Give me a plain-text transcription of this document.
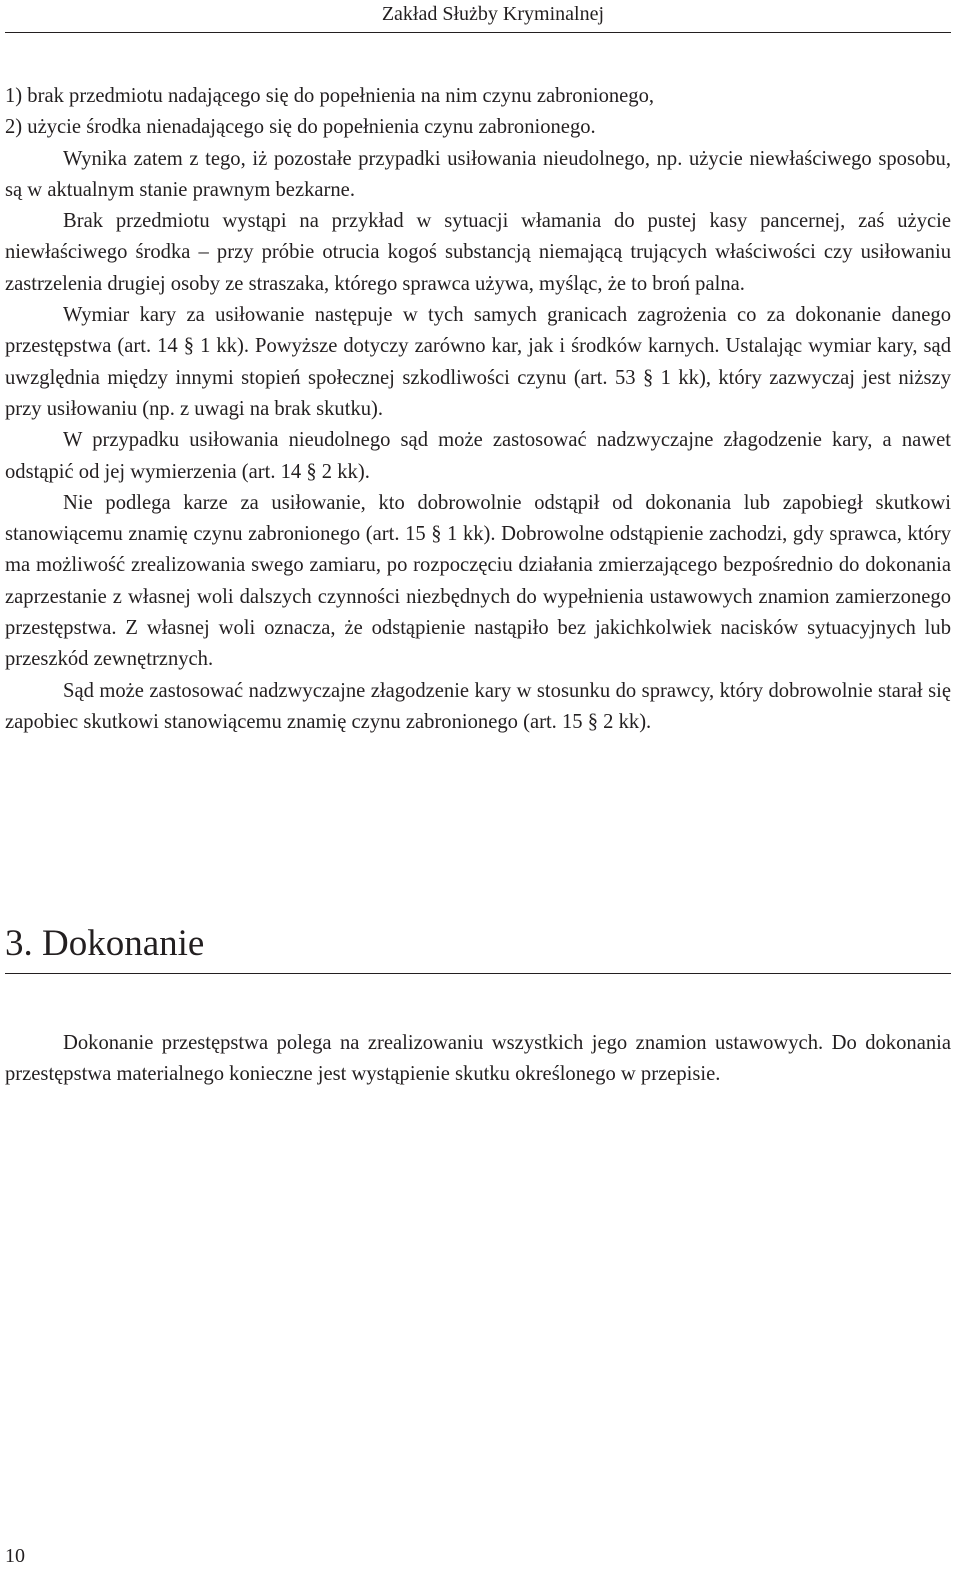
Zakład Służby Kryminalnej

1) brak przedmiotu nadającego się do popełnienia na nim czynu zabronionego,

2) użycie środka nienadającego się do popełnienia czynu zabronionego.

Wynika zatem z tego, iż pozostałe przypadki usiłowania nieudolnego, np. użycie niewłaściwego sposobu, są w aktualnym stanie prawnym bezkarne.

Brak przedmiotu wystąpi na przykład w sytuacji włamania do pustej kasy pancernej, zaś użycie niewłaściwego środka – przy próbie otrucia kogoś substancją niemającą trujących właściwości czy usiłowaniu zastrzelenia drugiej osoby ze straszaka, którego sprawca używa, myśląc, że to broń palna.

Wymiar kary za usiłowanie następuje w tych samych granicach zagrożenia co za dokonanie danego przestępstwa (art. 14 § 1 kk). Powyższe dotyczy zarówno kar, jak i środków karnych. Ustalając wymiar kary, sąd uwzględnia między innymi stopień społecznej szkodliwości czynu (art. 53 § 1 kk), który zazwyczaj jest niższy przy usiłowaniu (np. z uwagi na brak skutku).

W przypadku usiłowania nieudolnego sąd może zastosować nadzwyczajne złagodzenie kary, a nawet odstąpić od jej wymierzenia (art. 14 § 2 kk).

Nie podlega karze za usiłowanie, kto dobrowolnie odstąpił od dokonania lub zapobiegł skutkowi stanowiącemu znamię czynu zabronionego (art. 15 § 1 kk). Dobrowolne odstąpienie zachodzi, gdy sprawca, który ma możliwość zrealizowania swego zamiaru, po rozpoczęciu działania zmierzającego bezpośrednio do dokonania zaprzestanie z własnej woli dalszych czynności niezbędnych do wypełnienia ustawowych znamion zamierzonego przestępstwa. Z własnej woli oznacza, że odstąpienie nastąpiło bez jakichkolwiek nacisków sytuacyjnych lub przeszkód zewnętrznych.

Sąd może zastosować nadzwyczajne złagodzenie kary w stosunku do sprawcy, który dobrowolnie starał się zapobiec skutkowi stanowiącemu znamię czynu zabronionego (art. 15 § 2 kk).

3. Dokonanie

Dokonanie przestępstwa polega na zrealizowaniu wszystkich jego znamion ustawowych. Do dokonania przestępstwa materialnego konieczne jest wystąpienie skutku określonego w przepisie.

10
